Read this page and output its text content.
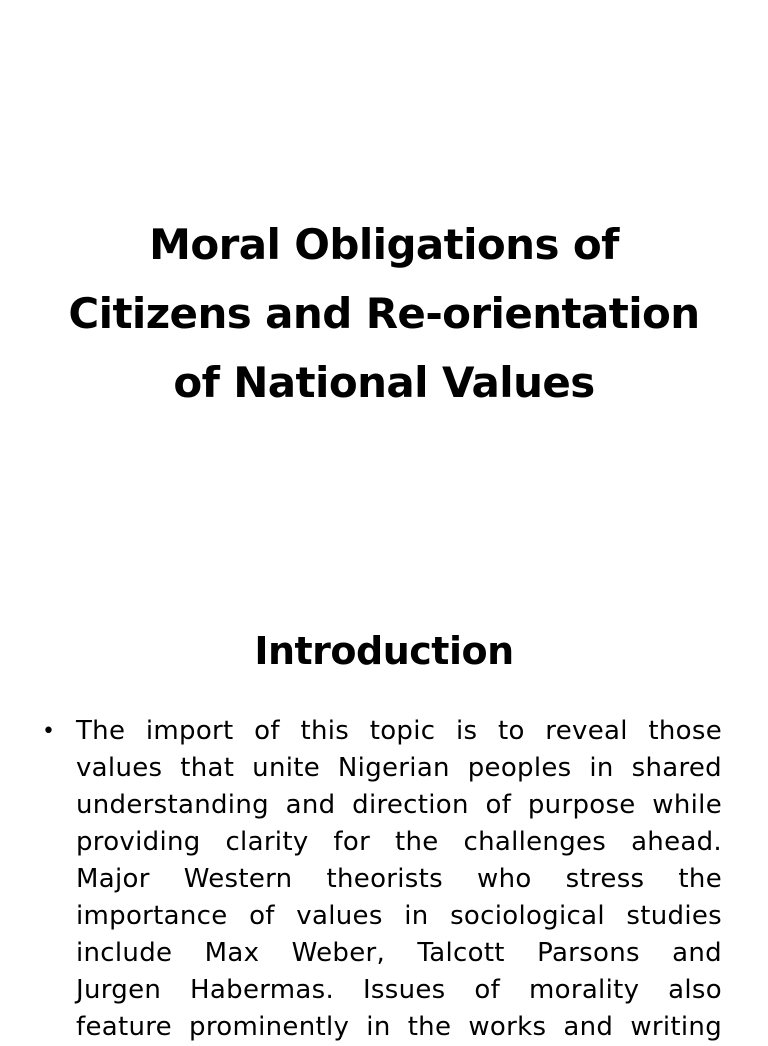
Moral Obligations of
Citizens and Re-orientation
of National Values
Introduction
• The import of this topic is to reveal those
values that unite Nigerian peoples in shared
understanding and direction of purpose while
providing clarity for the challenges ahead.
Major Western theorists who stress the
importance of values in sociological studies
include Max Weber, Talcott Parsons and
Jurgen Habermas. Issues of morality also
feature prominently in the works and writing
